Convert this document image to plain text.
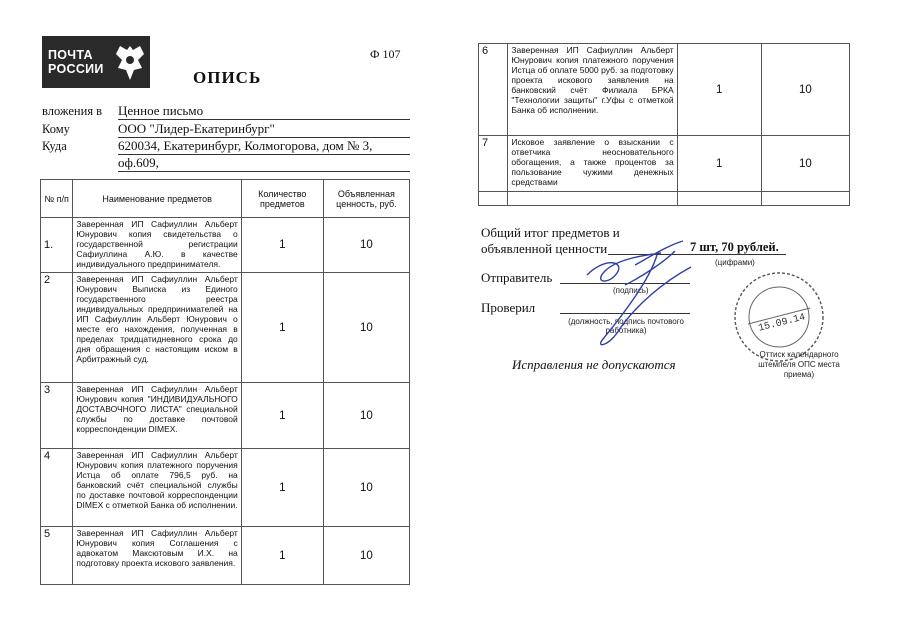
ПОЧТА
РОССИИ
Ф 107
ОПИСЬ
вложения в Ценное письмо
Кому	ООО "Лидер-Екатеринбург"
Куда	620034, Екатеринбург, Колмогорова, дом № 3,
оф.609,
№ п/п	Наименование предметов	Количество предметов	Объявленная ценность, руб.
1.	Заверенная ИП Сафиуллин Альберт Юнурович копия свидетельства о государственной регистрации Сафиуллина А.Ю. в качестве индивидуального предпринимателя.	1	10
2	Заверенная ИП Сафиуллин Альберт Юнурович Выписка из Единого государственного реестра индивидуальных предпринимателей на ИП Сафиуллин Альберт Юнурович о месте его нахождения, полученная в пределах тридцатидневного срока до дня обращения с настоящим иском в Арбитражный суд.	1	10
3	Заверенная ИП Сафиуллин Альберт Юнурович копия "ИНДИВИДУАЛЬНОГО ДОСТАВОЧНОГО ЛИСТА" специальной службы по доставке почтовой корреспонденции DIMEX.	1	10
4	Заверенная ИП Сафиуллин Альберт Юнурович копия платежного поручения Истца об оплате 796,5 руб. на банковский счёт специальной службы по доставке почтовой корреспонденции DIMEX с отметкой Банка об исполнении.	1	10
5	Заверенная ИП Сафиуллин Альберт Юнурович копия Соглашения с адвокатом Максютовым И.Х. на подготовку проекта искового заявления.	1	10
6	Заверенная ИП Сафиуллин Альберт Юнурович копия платежного поручения Истца об оплате 5000 руб. за подготовку проекта искового заявления на банковский счёт Филиала БРКА "Технологии защиты" г.Уфы с отметкой Банка об исполнении.	1	10
7	Исковое заявление о взыскании с ответчика неосновательного обогащения, а также процентов за пользование чужими денежных средствами	1	10

Общий итог предметов и
объявленной ценности	7 шт, 70 рублей.
(цифрами)
Отправитель
(подпись)
Проверил
(должность, подпись почтового работника)
Исправления не допускаются
15.09.14
Оттиск календарного штемпеля ОПС места приема)
